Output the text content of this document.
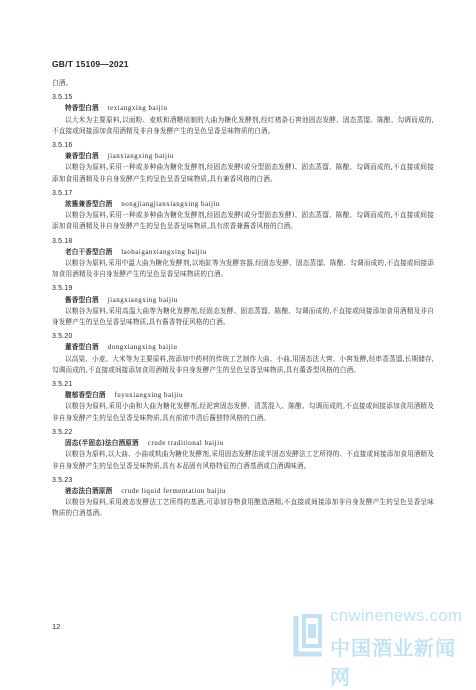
GB/T 15109—2021
白酒。
3.5.15
特香型白酒 texiangxing baijiu
以大米为主要原料,以面粉、麦麸和酒糟培制的大曲为糖化发酵剂,经红褚条石窖池固态发酵、固态蒸馏、陈酿、勾调而成的,不直接或间接添加食用酒精及非自身发酵产生的呈色呈香呈味物质的白酒。
3.5.16
兼香型白酒 jianxiangxing baijiu
以粮谷为原料,采用一种或多种曲为糖化发酵剂,经固态发酵(或分型固态发酵)、固态蒸馏、陈酿、勾调而成的,不直接或间接添加食用酒精及非自身发酵产生的呈色呈香呈味物质,具有兼香风格的白酒。
3.5.17
浓酱兼香型白酒 nongjiangjianxiangxing baijiu
以粮谷为原料,采用一种或多种曲为糖化发酵剂,经固态发酵(或分型固态发酵)、固态蒸馏、陈酿、勾调而成的,不直接或间接添加食用酒精及非自身发酵产生的呈色呈香呈味物质,具有浓香兼酱香风格的白酒。
3.5.18
老白干香型白酒 laobaiganxiangxing baijiu
以粮谷为原料,采用中温大曲为糖化发酵剂,以地缸等为发酵容器,经固态发酵、固态蒸馏、陈酿、勾调而成的,不直接或间接添加食用酒精及非自身发酵产生的呈色呈香呈味物质的白酒。
3.5.19
酱香型白酒 jiangxiangxing baijiu
以粮谷为原料,采用高温大曲等为糖化发酵剂,经固态发酵、固态蒸馏、陈酿、勾调而成的,不直接或间接添加食用酒精及非自身发酵产生的呈色呈香呈味物质,具有酱香特征风格的白酒。
3.5.20
董香型白酒 dongxiangxing baijiu
以高粱、小麦、大米等为主要原料,按添加中药材的传统工艺制作大曲、小曲,用固态法大窖、小窖发酵,经串香蒸馏,长期储存,勾调而成的,不直接或间接添加食用酒精及非自身发酵产生的呈色呈香呈味物质,具有董香型风格的白酒。
3.5.21
馥郁香型白酒 fuyuxiangxing baijiu
以粮谷为原料,采用小曲和大曲为糖化发酵剂,经泥窖固态发酵、清蒸混入、陈酿、勾调而成的,不直接或间接添加食用酒精及非自身发酵产生的呈色呈香呈味物质,具有前浓中清后酱独特风格的白酒。
3.5.22
固态(半固态)法白酒原酒 crude traditional baijiu
以粮谷为原料,以大曲、小曲或麸曲为糖化发酵剂,采用固态发酵法或半固态发酵法工艺所得的、不直接或间接添加食用酒精及非自身发酵产生的呈色呈香呈味物质,具有本品固有风格特征的白酒基酒或白酒调味酒。
3.5.23
液态法白酒原酒 crude liquid fermentation baijiu
以粮谷为原料,采用液态发酵法工艺所得的基酒,可添加谷物食用酿造酒精,不直接或间接添加非自身发酵产生的呈色呈香呈味物质的白酒基酒。
12
cnwinenews.com
中国酒业新闻网
